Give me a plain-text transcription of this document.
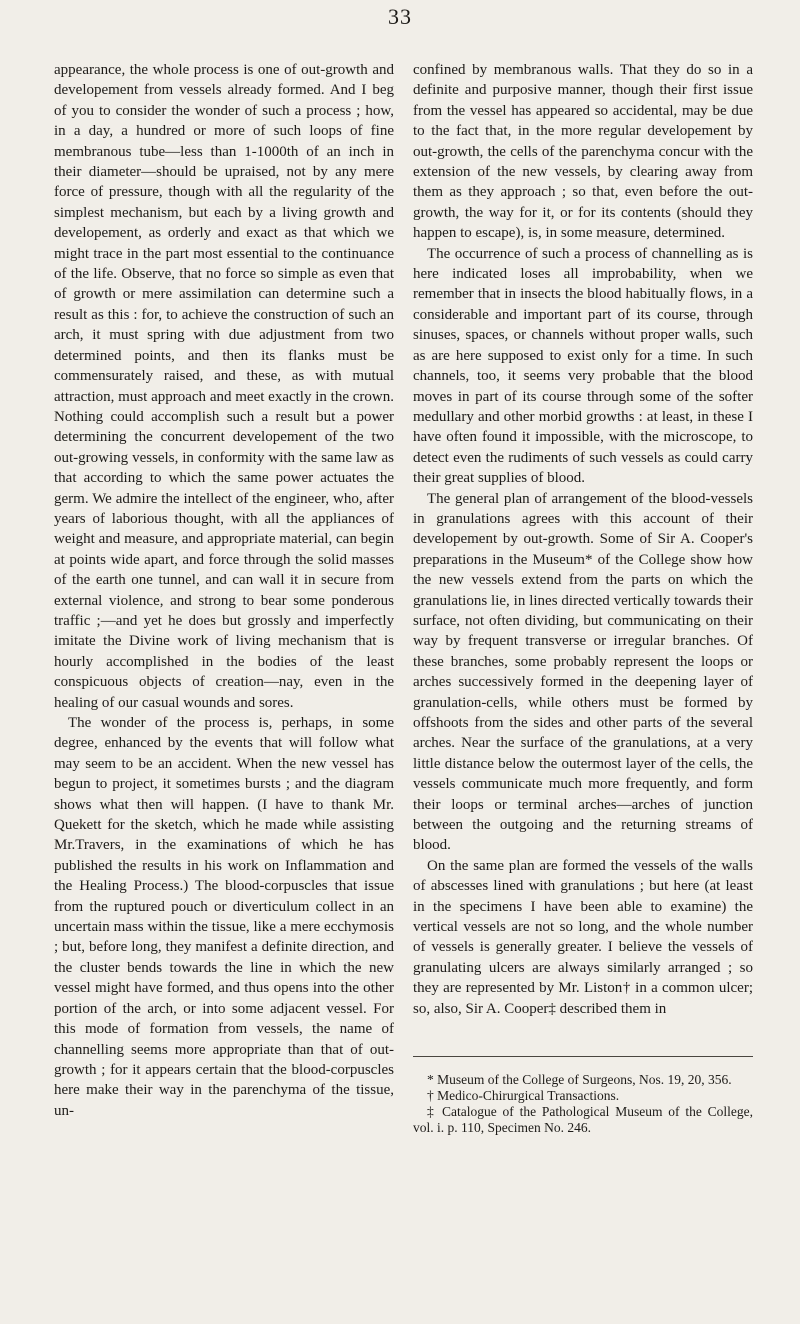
33

appearance, the whole process is one of out-growth and developement from vessels already formed. And I beg of you to consider the wonder of such a process ; how, in a day, a hundred or more of such loops of fine membranous tube—less than 1-1000th of an inch in their diameter—should be upraised, not by any mere force of pressure, though with all the regularity of the simplest mechanism, but each by a living growth and developement, as orderly and exact as that which we might trace in the part most essential to the continuance of the life. Observe, that no force so simple as even that of growth or mere assimilation can determine such a result as this : for, to achieve the construction of such an arch, it must spring with due adjustment from two determined points, and then its flanks must be commensurately raised, and these, as with mutual attraction, must approach and meet exactly in the crown. Nothing could accomplish such a result but a power determining the concurrent developement of the two out-growing vessels, in conformity with the same law as that according to which the same power actuates the germ. We admire the intellect of the engineer, who, after years of laborious thought, with all the appliances of weight and measure, and appropriate material, can begin at points wide apart, and force through the solid masses of the earth one tunnel, and can wall it in secure from external violence, and strong to bear some ponderous traffic ;—and yet he does but grossly and imperfectly imitate the Divine work of living mechanism that is hourly accomplished in the bodies of the least conspicuous objects of creation—nay, even in the healing of our casual wounds and sores.

The wonder of the process is, perhaps, in some degree, enhanced by the events that will follow what may seem to be an accident. When the new vessel has begun to project, it sometimes bursts ; and the diagram shows what then will happen. (I have to thank Mr. Quekett for the sketch, which he made while assisting Mr.Travers, in the examinations of which he has published the results in his work on Inflammation and the Healing Process.) The blood-corpuscles that issue from the ruptured pouch or diverticulum collect in an uncertain mass within the tissue, like a mere ecchymosis ; but, before long, they manifest a definite direction, and the cluster bends towards the line in which the new vessel might have formed, and thus opens into the other portion of the arch, or into some adjacent vessel. For this mode of formation from vessels, the name of channelling seems more appropriate than that of out-growth ; for it appears certain that the blood-corpuscles here make their way in the parenchyma of the tissue, un-

confined by membranous walls. That they do so in a definite and purposive manner, though their first issue from the vessel has appeared so accidental, may be due to the fact that, in the more regular developement by out-growth, the cells of the parenchyma concur with the extension of the new vessels, by clearing away from them as they approach ; so that, even before the out-growth, the way for it, or for its contents (should they happen to escape), is, in some measure, determined.

The occurrence of such a process of channelling as is here indicated loses all improbability, when we remember that in insects the blood habitually flows, in a considerable and important part of its course, through sinuses, spaces, or channels without proper walls, such as are here supposed to exist only for a time. In such channels, too, it seems very probable that the blood moves in part of its course through some of the softer medullary and other morbid growths : at least, in these I have often found it impossible, with the microscope, to detect even the rudiments of such vessels as could carry their great supplies of blood.

The general plan of arrangement of the blood-vessels in granulations agrees with this account of their developement by out-growth. Some of Sir A. Cooper's preparations in the Museum* of the College show how the new vessels extend from the parts on which the granulations lie, in lines directed vertically towards their surface, not often dividing, but communicating on their way by frequent transverse or irregular branches. Of these branches, some probably represent the loops or arches successively formed in the deepening layer of granulation-cells, while others must be formed by offshoots from the sides and other parts of the several arches. Near the surface of the granulations, at a very little distance below the outermost layer of the cells, the vessels communicate much more frequently, and form their loops or terminal arches—arches of junction between the outgoing and the returning streams of blood.

On the same plan are formed the vessels of the walls of abscesses lined with granulations ; but here (at least in the specimens I have been able to examine) the vertical vessels are not so long, and the whole number of vessels is generally greater. I believe the vessels of granulating ulcers are always similarly arranged ; so they are represented by Mr. Liston† in a common ulcer; so, also, Sir A. Cooper‡ described them in

* Museum of the College of Surgeons, Nos. 19, 20, 356.

† Medico-Chirurgical Transactions.

‡ Catalogue of the Pathological Museum of the College, vol. i. p. 110, Specimen No. 246.
